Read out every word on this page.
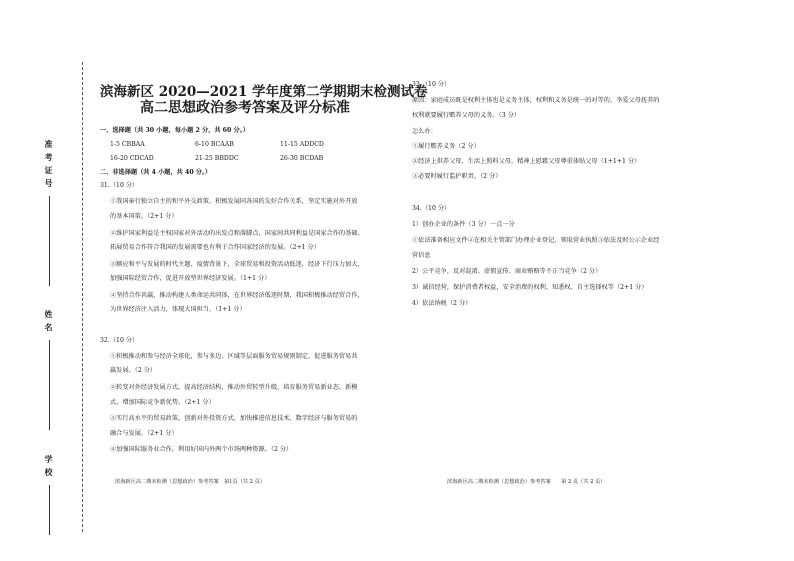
准考证号
姓名
学校
滨海新区 2020—2021 学年度第二学期期末检测试卷
高二思想政治参考答案及评分标准
一、选择题（共 30 小题，每小题 2 分，共 60 分。）
1-5 CBBAA	6-10 BCAAB	11-15 ADDCD
16-20 CDCAD	21-25 BBDDC	26-30 BCDAB
二、非选择题（共 4 小题，共 40 分。）
31.（10 分）
①我国奉行独立自主的和平外交政策，积极发展同各国的友好合作关系，坚定实施对外开放
的基本国策。（2+1 分）
②维护国家利益是主权国家对外活动的出发点和落脚点，国家间共同利益是国家合作的基础。
拓展贸易合作符合我国的发展需要也有利于合作国家经济的发展。（2+1 分）
③顺应和平与发展的时代主题，疫情背景下，全球贸易和投资活动低迷，经济下行压力加大，
加强国际经贸合作，促进开放型世界经济发展。（1+1 分）
④坚持合作共赢，推动构建人类命运共同体，在世界经济低迷时期，我国积极推动经贸合作，
为世界经济注入活力，体现大国担当。（1+1 分）
32.（10 分）
①积极推动和参与经济全球化，参与多边、区域等层面服务贸易规则制定，促进服务贸易共
赢发展。（2 分）
②转变对外经济发展方式，提高经济结构，推动外贸转型升级，培育服务贸易新业态、新模
式，增加国际竞争新优势。（2+1 分）
③实行高水平的贸易政策，创新对外投资方式，加快推进信息技术、数字经济与服务贸易的
融合与发展。（2+1 分）
④加强国际服务业合作，利用好国内外两个市场两种资源。（2 分）
滨海新区高二期末检测（思想政治）参考答案　第1页（共 2 页）
33.（10 分）
原因：家庭成员既是权利主体也是义务主体，权利和义务是统一的对等的，李爱父母抚养的
权利就要履行赡养父母的义务。（3 分）
怎么办：
①履行赡养义务（2 分）
②经济上供养父母，生活上照料父母，精神上慰藉父母尊重体贴父母（1+1+1 分）
③必要时履行监护职责。（2 分）
34.（10 分）
1）创办企业的条件（3 分）一点一分
①依法准备相应文件②在相关主管部门办理企业登记，领取营业执照③依法及时公示企业经
营信息
2）公平竞争，反对混淆、虚假宣传、商业贿赂等不正当竞争（2 分）
3）诚信经营，保护消费者权益，安全消费的权利、知悉权、自主选择权等（2+1 分）
4）依法纳税（2 分）
滨海新区高二期末检测（思想政治）参考答案　　第 2 页（共 2 页）
